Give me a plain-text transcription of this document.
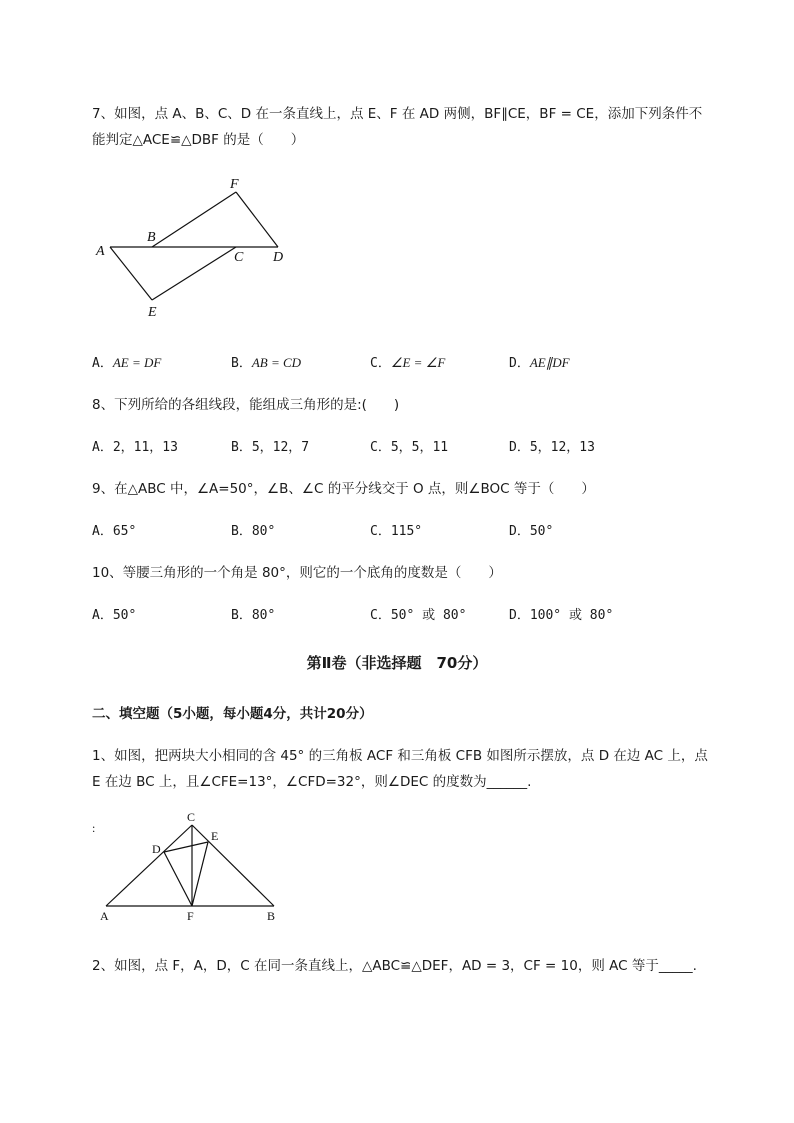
7、如图，点 A、B、C、D 在一条直线上，点 E、F 在 AD 两侧，BF∥CE，BF = CE，添加下列条件不
能判定△ACE≌△DBF 的是（　　）
A
B
C D
E
F
A．AE = DF	B．AB = CD	C．∠E = ∠F	D．AE∥DF
8、下列所给的各组线段，能组成三角形的是:(　　)
A．2，11，13	B．5，12，7	C．5，5，11	D．5，12，13
9、在△ABC 中，∠A=50°，∠B、∠C 的平分线交于 O 点，则∠BOC 等于（　　）
A．65°	B．80°	C．115°	D．50°
10、等腰三角形的一个角是 80°，则它的一个底角的度数是（　　）
A．50°	B．80°	C．50° 或 80°	D．100° 或 80°
第Ⅱ卷（非选择题　70分）
二、填空题（5小题，每小题4分，共计20分）
1、如图，把两块大小相同的含 45° 的三角板 ACF 和三角板 CFB 如图所示摆放，点 D 在边 AC 上，点
E 在边 BC 上，且∠CFE=13°，∠CFD=32°，则∠DEC 的度数为______.
:
A	B
C
D
E
F
2、如图，点 F，A，D，C 在同一条直线上，△ABC≌△DEF，AD = 3，CF = 10，则 AC 等于_____.
